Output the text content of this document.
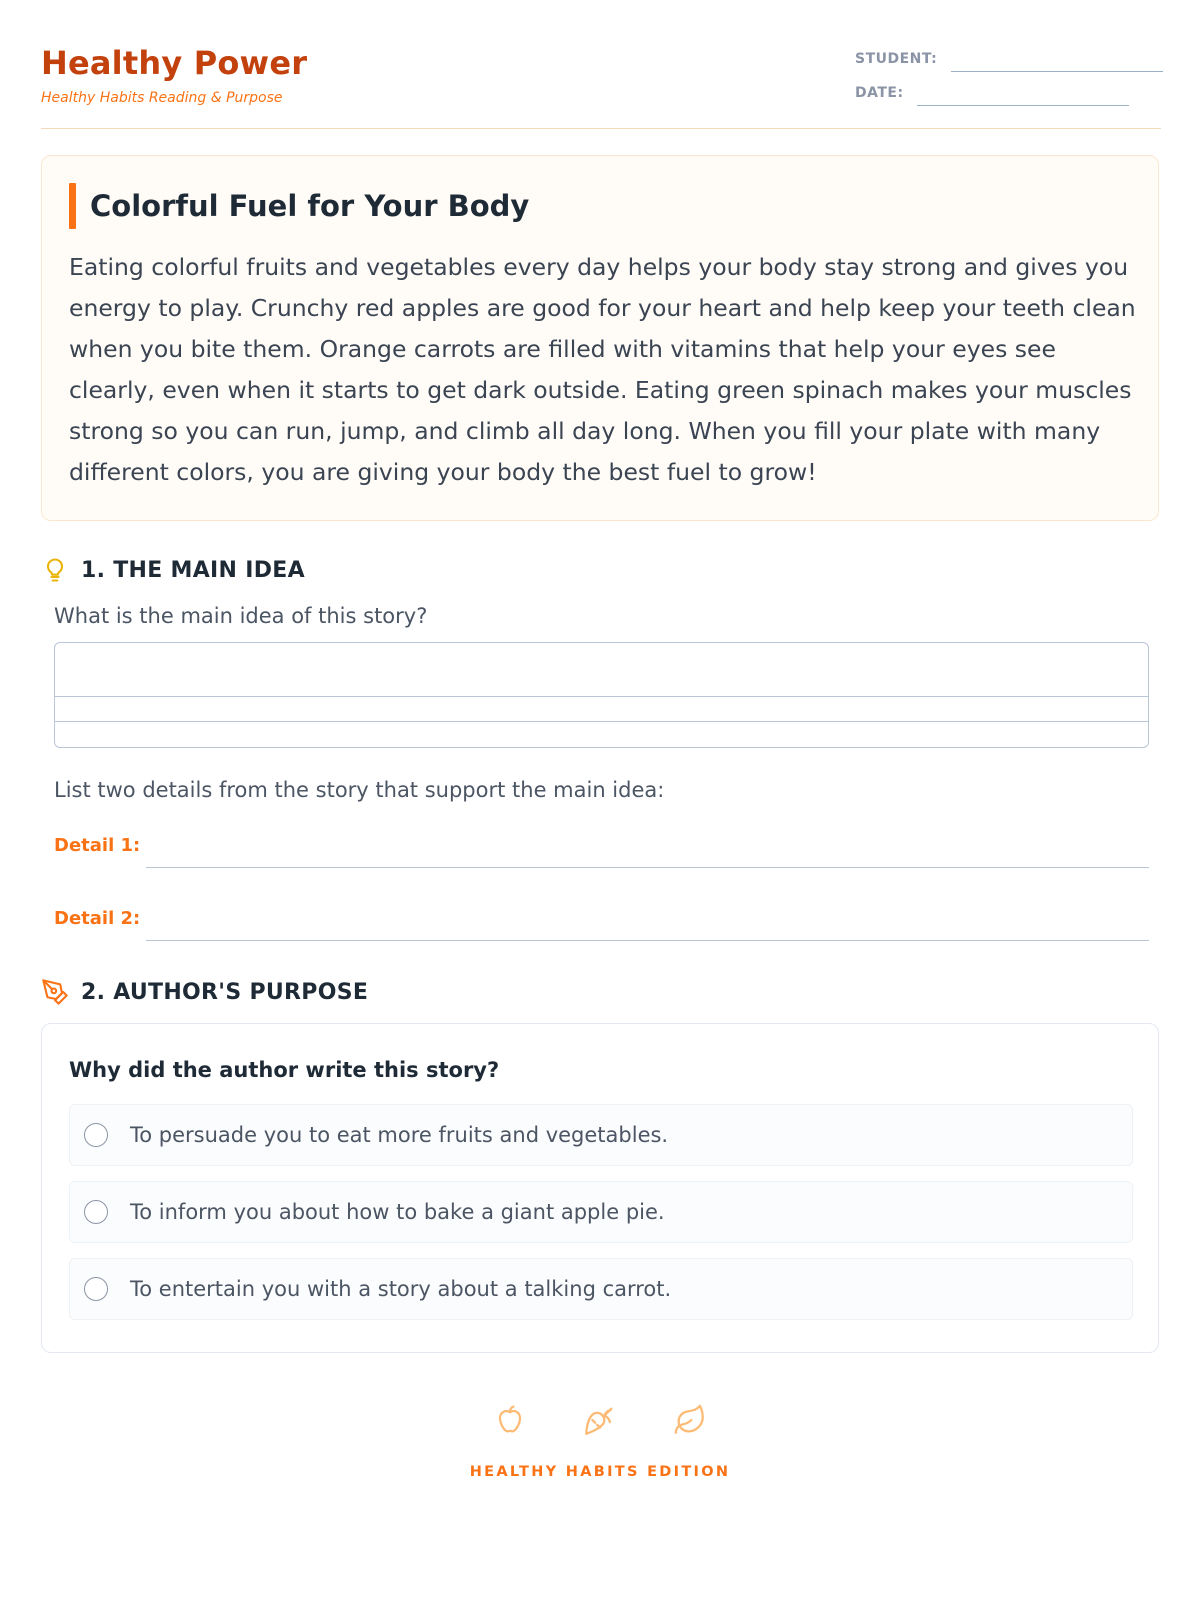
Healthy Power
Healthy Habits Reading & Purpose
STUDENT:
DATE:
Colorful Fuel for Your Body

Eating colorful fruits and vegetables every day helps your body stay strong and gives you energy to play. Crunchy red apples are good for your heart and help keep your teeth clean when you bite them. Orange carrots are filled with vitamins that help your eyes see clearly, even when it starts to get dark outside. Eating green spinach makes your muscles strong so you can run, jump, and climb all day long. When you fill your plate with many different colors, you are giving your body the best fuel to grow!

1. THE MAIN IDEA
What is the main idea of this story?
List two details from the story that support the main idea:
Detail 1:
Detail 2:
2. AUTHOR'S PURPOSE
Why did the author write this story?
To persuade you to eat more fruits and vegetables.
To inform you about how to bake a giant apple pie.
To entertain you with a story about a talking carrot.
HEALTHY HABITS EDITION
